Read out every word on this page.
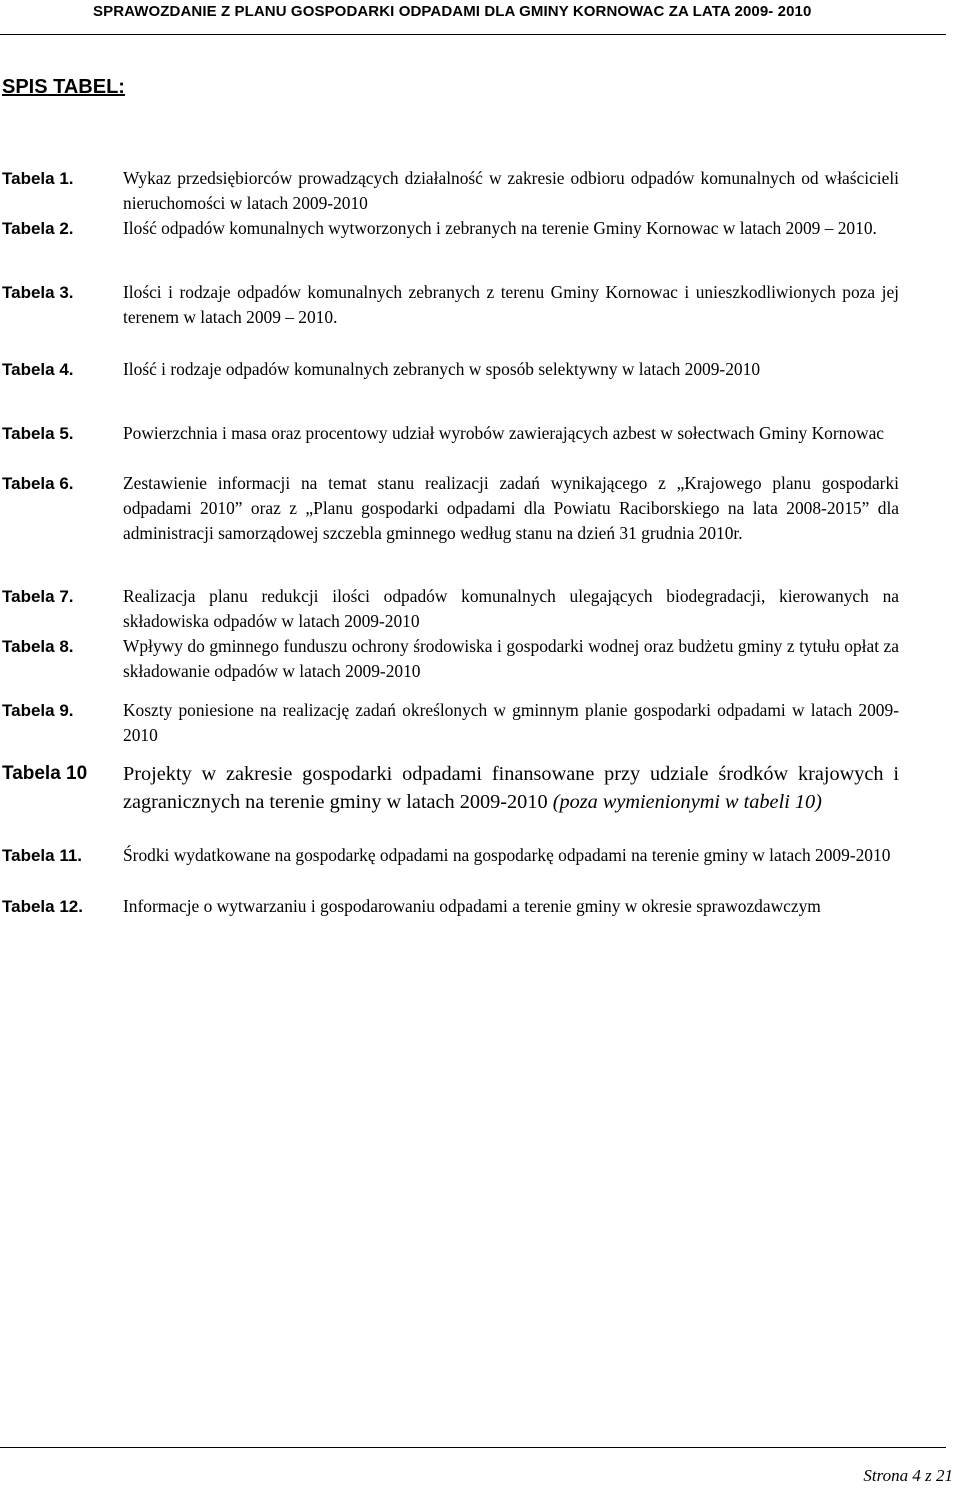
SPRAWOZDANIE Z PLANU GOSPODARKI ODPADAMI DLA GMINY KORNOWAC ZA LATA 2009- 2010
SPIS TABEL:
Tabela 1.	Wykaz przedsiębiorców prowadzących działalność w zakresie odbioru odpadów komunalnych od właścicieli nieruchomości w latach 2009-2010
Tabela 2.	Ilość odpadów komunalnych wytworzonych i zebranych na terenie Gminy Kornowac w latach 2009 – 2010.
Tabela 3.	Ilości i rodzaje odpadów komunalnych zebranych z terenu Gminy Kornowac i unieszkodliwionych poza jej terenem w latach 2009 – 2010.
Tabela 4.	Ilość i rodzaje odpadów komunalnych zebranych w sposób selektywny w latach 2009-2010
Tabela 5.	Powierzchnia i masa oraz procentowy udział wyrobów zawierających azbest w sołectwach Gminy Kornowac
Tabela 6.	Zestawienie informacji na temat stanu realizacji zadań wynikającego z „Krajowego planu gospodarki odpadami 2010” oraz z „Planu gospodarki odpadami dla Powiatu Raciborskiego na lata 2008-2015” dla administracji samorządowej szczebla gminnego według stanu na dzień 31 grudnia 2010r.
Tabela 7.	Realizacja planu redukcji ilości odpadów komunalnych ulegających biodegradacji, kierowanych na składowiska odpadów w latach 2009-2010
Tabela 8.	Wpływy do gminnego funduszu ochrony środowiska i gospodarki wodnej oraz budżetu gminy z tytułu opłat za składowanie odpadów w latach 2009-2010
Tabela 9.	Koszty poniesione na realizację zadań określonych w gminnym planie gospodarki odpadami w latach 2009-2010
Tabela 10 Projekty w zakresie gospodarki odpadami finansowane przy udziale środków krajowych i zagranicznych na terenie gminy w latach 2009-2010 (poza wymienionymi w tabeli 10)
Tabela 11. Środki wydatkowane na gospodarkę odpadami na gospodarkę odpadami na terenie gminy w latach 2009-2010
Tabela 12. Informacje o wytwarzaniu i gospodarowaniu odpadami a terenie gminy w okresie sprawozdawczym
Strona 4 z 21
